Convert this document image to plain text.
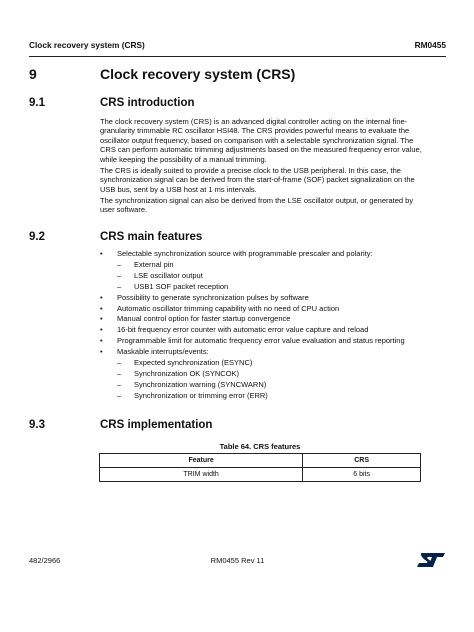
Clock recovery system (CRS)	RM0455
9	Clock recovery system (CRS)
9.1	CRS introduction

The clock recovery system (CRS) is an advanced digital controller acting on the internal fine-granularity trimmable RC oscillator HSI48. The CRS provides powerful means to evaluate the oscillator output frequency, based on comparison with a selectable synchronization signal. The CRS can perform automatic trimming adjustments based on the measured frequency error value, while keeping the possibility of a manual trimming.

The CRS is ideally suited to provide a precise clock to the USB peripheral. In this case, the synchronization signal can be derived from the start-of-frame (SOF) packet signalization on the USB bus, sent by a USB host at 1 ms intervals.

The synchronization signal can also be derived from the LSE oscillator output, or generated by user software.

9.2	CRS main features
• Selectable synchronization source with programmable prescaler and polarity:
– External pin
– LSE oscillator output
– USB1 SOF packet reception
• Possibility to generate synchronization pulses by software
• Automatic oscillator trimming capability with no need of CPU action
• Manual control option for faster startup convergence
• 16-bit frequency error counter with automatic error value capture and reload
• Programmable limit for automatic frequency error value evaluation and status reporting
• Maskable interrupts/events:
– Expected synchronization (ESYNC)
– Synchronization OK (SYNCOK)
– Synchronization warning (SYNCWARN)
– Synchronization or trimming error (ERR)
9.3	CRS implementation
Table 64. CRS features
Feature	CRS
TRIM width	6 bits
482/2966	RM0455 Rev 11
